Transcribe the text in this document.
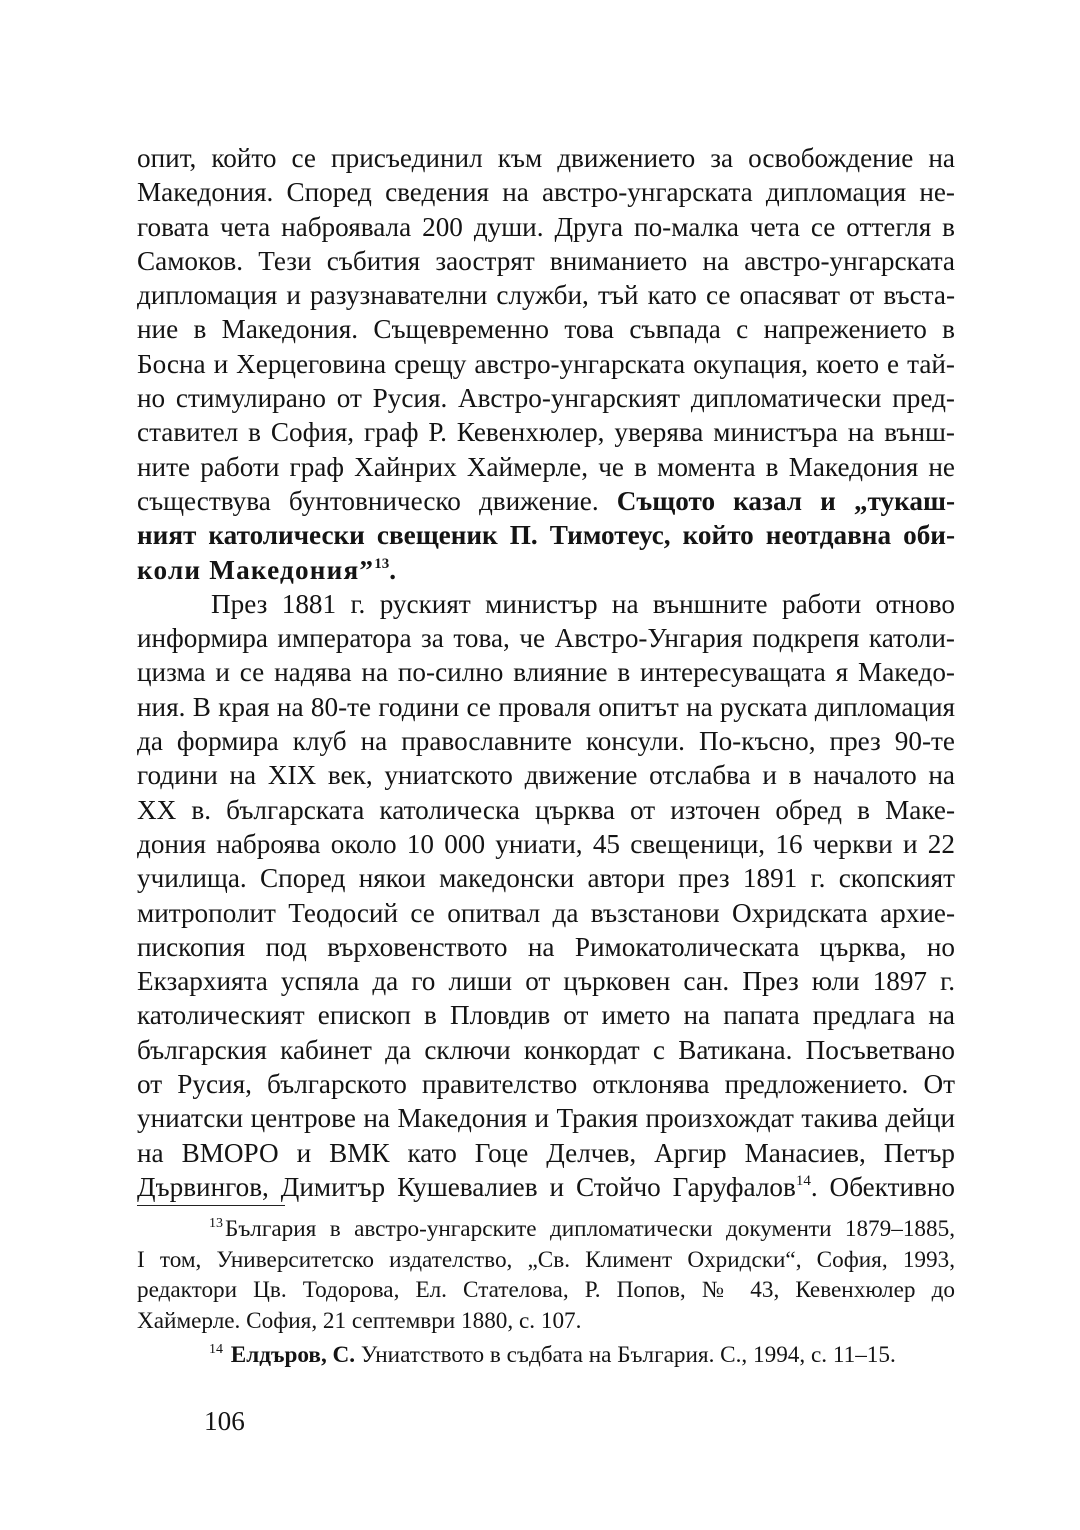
опит, който се присъединил към движението за освобождение на
Македония. Според сведения на австро-унгарската дипломация не-
говата чета наброявала 200 души. Друга по-малка чета се оттегля в
Самоков. Тези събития заострят вниманието на австро-унгарската
дипломация и разузнавателни служби, тъй като се опасяват от въста-
ние в Македония. Същевременно това съвпада с напрежението в
Босна и Херцеговина срещу австро-унгарската окупация, което е тай-
но стимулирано от Русия. Австро-унгарският дипломатически пред-
ставител в София, граф Р. Кевенхюлер, уверява министъра на външ-
ните работи граф Хайнрих Хаймерле, че в момента в Македония не
съществува бунтовническо движение. Същото казал и „тукаш-
ният католически свещеник П. Тимотеус, който неотдавна оби-
коли Македония”$^{13}$.
През 1881 г. руският министър на външните работи отново
информира императора за това, че Австро-Унгария подкрепя католи-
цизма и се надява на по-силно влияние в интересуващата я Македо-
ния. В края на 80-те години се проваля опитът на руската дипломация
да формира клуб на православните консули. По-късно, през 90-те
години на XIX век, униатското движение отслабва и в началото на
XX в. българската католическа църква от източен обред в Маке-
дония наброява около 10 000 униати, 45 свещеници, 16 черкви и 22
училища. Според някои македонски автори през 1891 г. скопският
митрополит Теодосий се опитвал да възстанови Охридската архие-
пископия под върховенството на Римокатолическата църква, но
Екзархията успяла да го лиши от църковен сан. През юли 1897 г.
католическият епископ в Пловдив от името на папата предлага на
българския кабинет да сключи конкордат с Ватикана. Посъветвано
от Русия, българското правителство отклонява предложението. От
униатски центрове на Македония и Тракия произхождат такива дейци
на ВМОРО и ВМК като Гоце Делчев, Аргир Манасиев, Петър
Дървингов, Димитър Кушевалиев и Стойчо Гаруфалов$^{14}$. Обективно
$^{13}$България в австро-унгарските дипломатически документи 1879–1885,
I том, Университетско издателство, „Св. Климент Охридски“, София, 1993,
редактори Цв. Тодорова, Ел. Стателова, Р. Попов, № 43, Кевенхюлер до
Хаймерле. София, 21 септември 1880, с. 107.
$^{14}$ Елдъров, С. Униатството в съдбата на България. С., 1994, с. 11–15.
106
